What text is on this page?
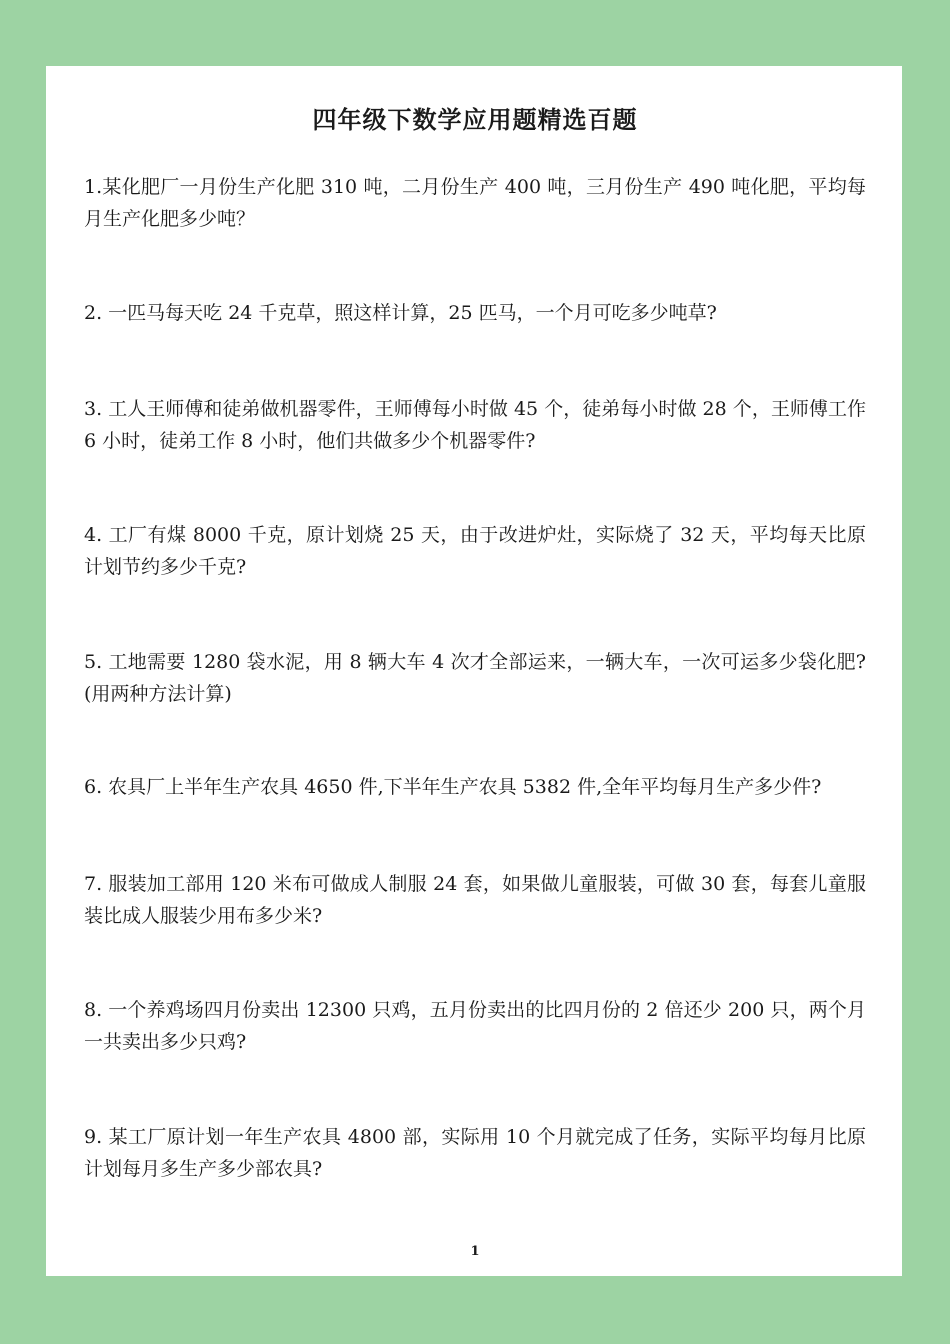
四年级下数学应用题精选百题
1.某化肥厂一月份生产化肥 310 吨，二月份生产 400 吨，三月份生产 490 吨化肥，平均每月生产化肥多少吨？
2. 一匹马每天吃 24 千克草，照这样计算，25 匹马，一个月可吃多少吨草?
3. 工人王师傅和徒弟做机器零件，王师傅每小时做 45 个，徒弟每小时做 28 个，王师傅工作 6 小时，徒弟工作 8 小时，他们共做多少个机器零件?
4. 工厂有煤 8000 千克，原计划烧 25 天，由于改进炉灶，实际烧了 32 天，平均每天比原计划节约多少千克?
5. 工地需要 1280 袋水泥，用 8 辆大车 4 次才全部运来，一辆大车，一次可运多少袋化肥?(用两种方法计算)
6. 农具厂上半年生产农具 4650 件,下半年生产农具 5382 件,全年平均每月生产多少件?
7. 服装加工部用 120 米布可做成人制服 24 套，如果做儿童服装，可做 30 套，每套儿童服装比成人服装少用布多少米?
8. 一个养鸡场四月份卖出 12300 只鸡，五月份卖出的比四月份的 2 倍还少 200 只，两个月一共卖出多少只鸡?
9. 某工厂原计划一年生产农具 4800 部，实际用 10 个月就完成了任务，实际平均每月比原计划每月多生产多少部农具?
1
